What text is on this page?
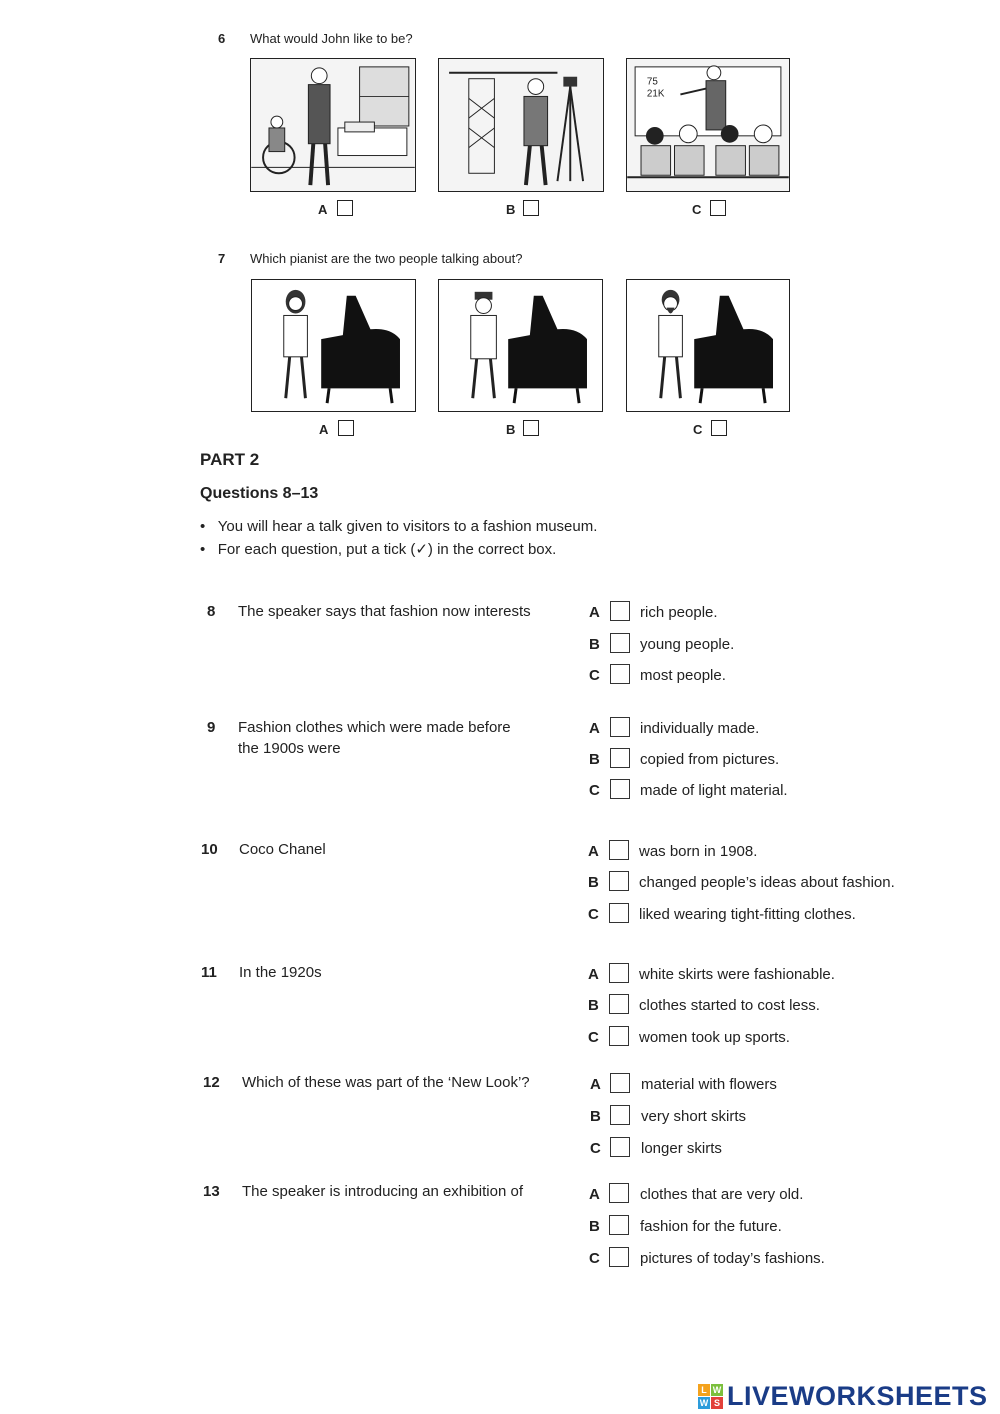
6 What would John like to be?
A	B
75
21K
C
7 Which pianist are the two people talking about?
A	B	C
PART 2
Questions 8–13
•   You will hear a talk given to visitors to a fashion museum.
•   For each question, put a tick (✓) in the correct box.
8 The speaker says that fashion now interests	A	rich people.
B	young people.
C	most people.
9 Fashion clothes which were made before
the 1900s were
A	individually made.
B	copied from pictures.
C	made of light material.
10 Coco Chanel	A	was born in 1908.
B	changed people’s ideas about fashion.
C	liked wearing tight-fitting clothes.
11 In the 1920s	A	white skirts were fashionable.
B	clothes started to cost less.
C	women took up sports.
12 Which of these was part of the ‘New Look’?	A	material with flowers
B	very short skirts
C	longer skirts
13 The speaker is introducing an exhibition of	A	clothes that are very old.
B	fashion for the future.
C	pictures of today’s fashions.
L W
W S LIVEWORKSHEETS
